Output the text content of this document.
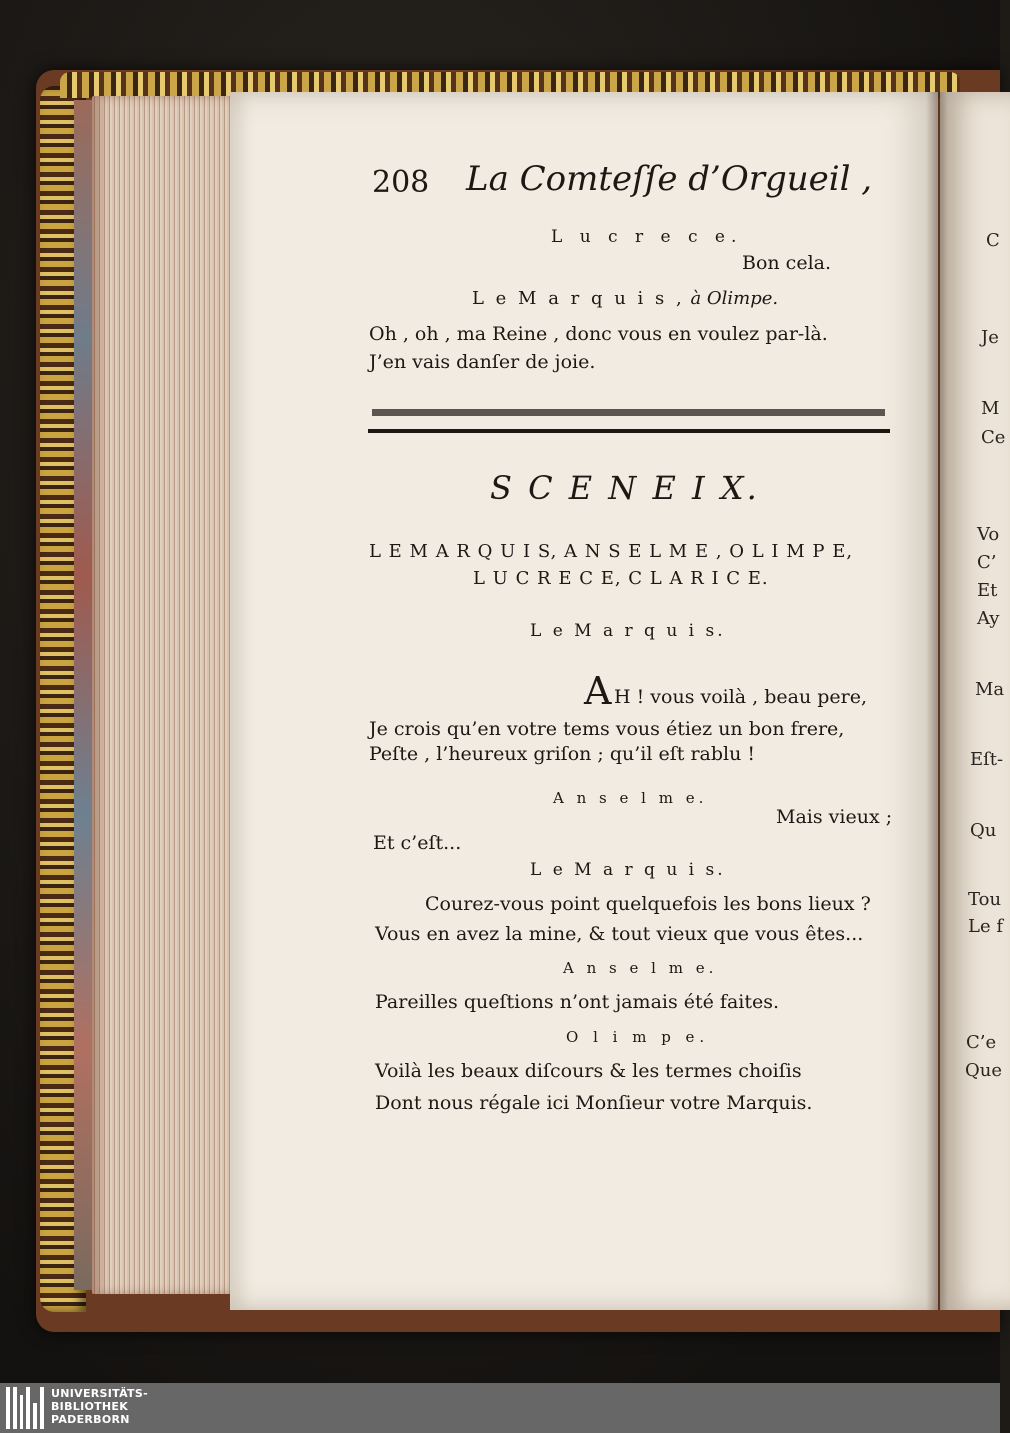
208 La Comteſſe d’Orgueil ,
L u c r e c e.
Bon cela.
L e M a r q u i s , à Olimpe.
Oh , oh , ma Reine , donc vous en voulez par-là.
J’en vais danſer de joie.
S C E N E I X.
L E M A R Q U I S, A N S E L M E , O L I M P E,
L U C R E C E, C L A R I C E.
L e M a r q u i s.
A H ! vous voilà , beau pere,
Je crois qu’en votre tems vous étiez un bon frere,
Peſte , l’heureux griſon ; qu’il eſt rablu !
A n s e l m e.
Mais vieux ;
Et c’eſt...
L e M a r q u i s.
Courez-vous point quelquefois les bons lieux ?
Vous en avez la mine, & tout vieux que vous êtes...
A n s e l m e.
Pareilles queſtions n’ont jamais été faites.
O l i m p e.
Voilà les beaux diſcours & les termes choiſis
Dont nous régale ici Monſieur votre Marquis.
C
Je
M
Ce
Vo
C’
Et
Ay
Ma
Eſt-
Qu
Tou
Le f
C’e
Que
UNIVERSITÄTS-
BIBLIOTHEK
PADERBORN
